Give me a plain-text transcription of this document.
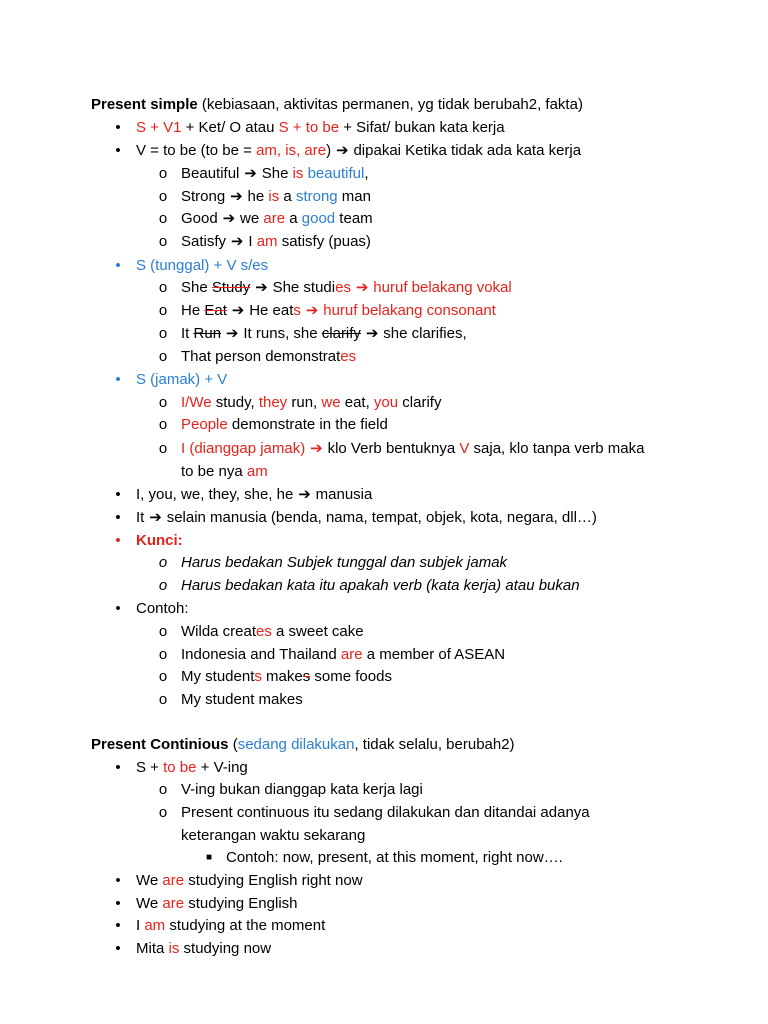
Present simple (kebiasaan, aktivitas permanen, yg tidak berubah2, fakta)
•	S + V1 + Ket/ O atau S + to be + Sifat/ bukan kata kerja
•	V = to be (to be = am, is, are) ➔ dipakai Ketika tidak ada kata kerja
o Beautiful ➔ She is beautiful,
o Strong ➔ he is a strong man
o Good ➔ we are a good team
o Satisfy ➔ I am satisfy (puas)
•	S (tunggal) + V s/es
o She Study ➔ She studies ➔ huruf belakang vokal
o He Eat ➔ He eats ➔ huruf belakang consonant
o It Run ➔ It runs, she clarify ➔ she clarifies,
o That person demonstrates
•	S (jamak) + V
o I/We study, they run, we eat, you clarify
o People demonstrate in the field
o I (dianggap jamak) ➔ klo Verb bentuknya V saja, klo tanpa verb maka
to be nya am
•	I, you, we, they, she, he ➔ manusia
•	It ➔ selain manusia (benda, nama, tempat, objek, kota, negara, dll…)
•	Kunci:
o Harus bedakan Subjek tunggal dan subjek jamak
o Harus bedakan kata itu apakah verb (kata kerja) atau bukan
•	Contoh:
o Wilda creates a sweet cake
o Indonesia and Thailand are a member of ASEAN
o My students makes some foods
o My student makes
Present Continious (sedang dilakukan, tidak selalu, berubah2)
•	S + to be + V-ing
o V-ing bukan dianggap kata kerja lagi
o Present continuous itu sedang dilakukan dan ditandai adanya
keterangan waktu sekarang
■ Contoh: now, present, at this moment, right now….
•	We are studying English right now
•	We are studying English
•	I am studying at the moment
•	Mita is studying now
